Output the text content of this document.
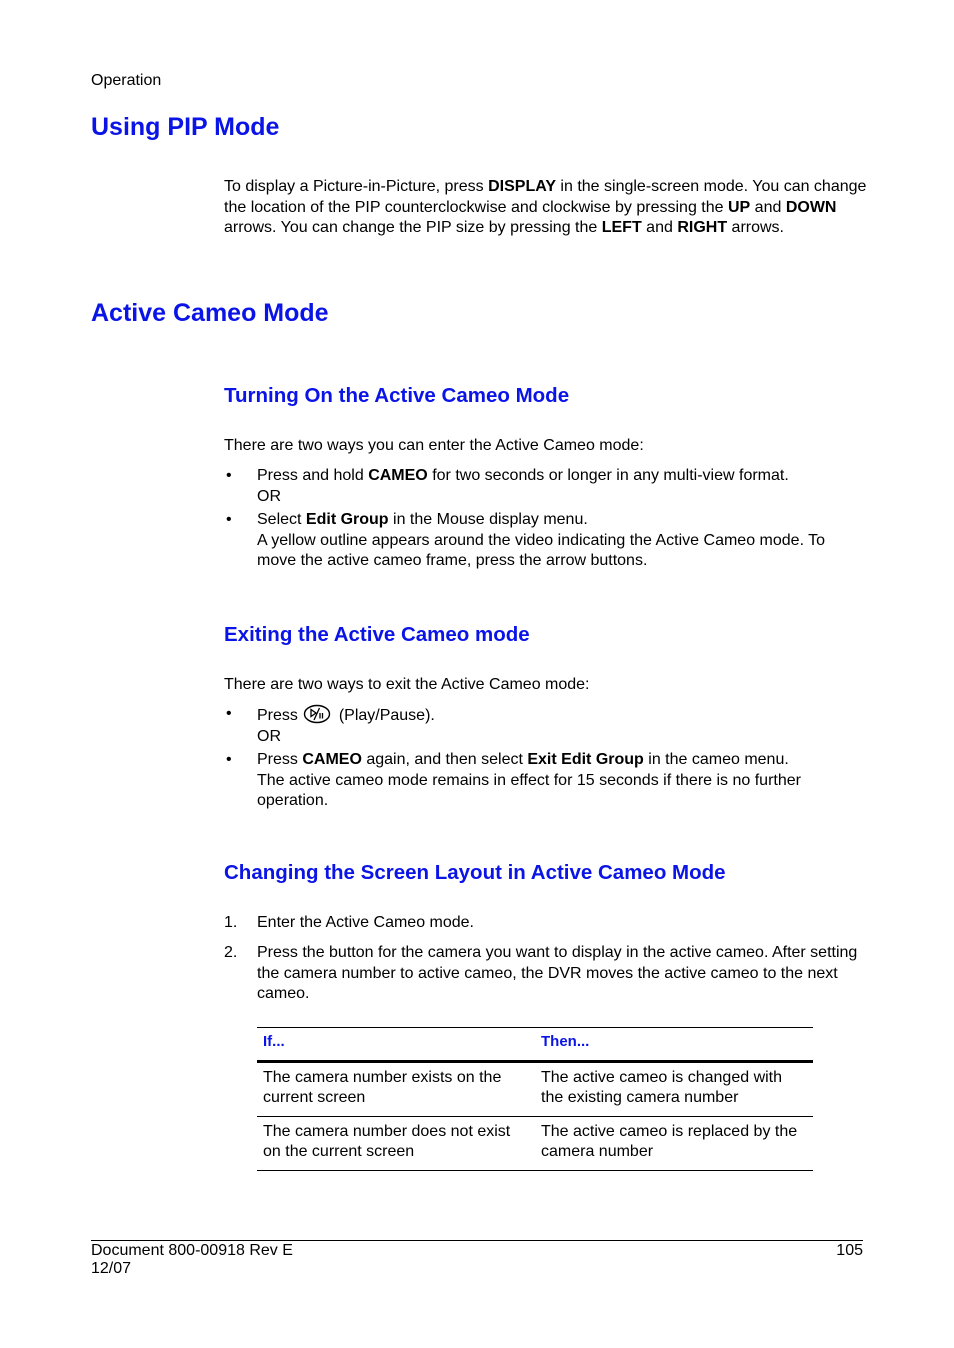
Operation
Using PIP Mode

To display a Picture-in-Picture, press DISPLAY in the single-screen mode. You can change the location of the PIP counterclockwise and clockwise by pressing the UP and DOWN arrows. You can change the PIP size by pressing the LEFT and RIGHT arrows.

Active Cameo Mode
Turning On the Active Cameo Mode

There are two ways you can enter the Active Cameo mode:

• Press and hold CAMEO for two seconds or longer in any multi-view format.
OR
• Select Edit Group in the Mouse display menu.
A yellow outline appears around the video indicating the Active Cameo mode. To move the active cameo frame, press the arrow buttons.
Exiting the Active Cameo mode

There are two ways to exit the Active Cameo mode:

• Press	(Play/Pause).
OR
• Press CAMEO again, and then select Exit Edit Group in the cameo menu.
The active cameo mode remains in effect for 15 seconds if there is no further operation.
Changing the Screen Layout in Active Cameo Mode
1. Enter the Active Cameo mode.
2. Press the button for the camera you want to display in the active cameo. After setting the camera number to active cameo, the DVR moves the active cameo to the next cameo.
If...	Then...
The camera number exists on the current screen	The active cameo is changed with the existing camera number
The camera number does not exist on the current screen	The active cameo is replaced by the camera number
Document 800-00918 Rev E
12/07
105
